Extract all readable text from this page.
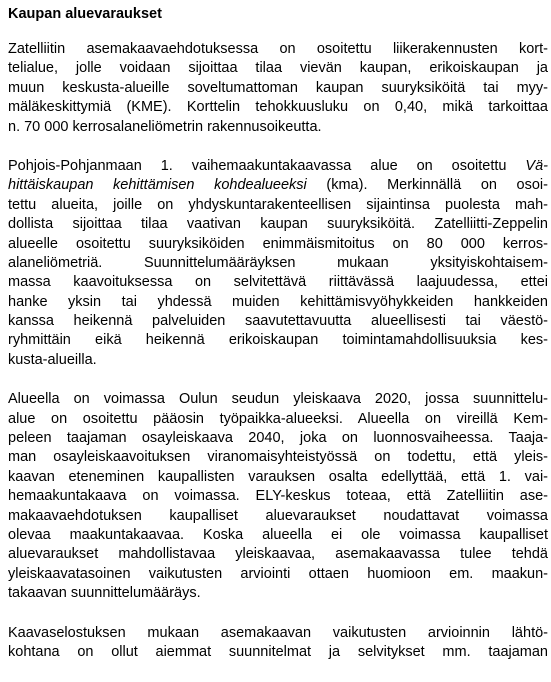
Kaupan aluevaraukset
Zatelliitin asemakaavaehdotuksessa on osoitettu liikerakennusten kort-
telialue, jolle voidaan sijoittaa tilaa vievän kaupan, erikoiskaupan ja
muun keskusta-alueille soveltumattoman kaupan suuryksiköitä tai myy-
mäläkeskittymiä (KME). Korttelin tehokkuusluku on 0,40, mikä tarkoittaa
n. 70 000 kerrosalaneliömetrin rakennusoikeutta.
Pohjois-Pohjanmaan 1. vaihemaakuntakaavassa alue on osoitettu Vä-
hittäiskaupan kehittämisen kohdealueeksi (kma). Merkinnällä on osoi-
tettu alueita, joille on yhdyskuntarakenteellisen sijaintinsa puolesta mah-
dollista sijoittaa tilaa vaativan kaupan suuryksiköitä. Zatelliitti-Zeppelin
alueelle osoitettu suuryksiköiden enimmäismitoitus on 80 000 kerros-
alaneliömetriä. Suunnittelumääräyksen mukaan yksityiskohtaisem-
massa kaavoituksessa on selvitettävä riittävässä laajuudessa, ettei
hanke yksin tai yhdessä muiden kehittämisvyöhykkeiden hankkeiden
kanssa heikennä palveluiden saavutettavuutta alueellisesti tai väestö-
ryhmittäin eikä heikennä erikoiskaupan toimintamahdollisuuksia kes-
kusta-alueilla.
Alueella on voimassa Oulun seudun yleiskaava 2020, jossa suunnittelu-
alue on osoitettu pääosin työpaikka-alueeksi. Alueella on vireillä Kem-
peleen taajaman osayleiskaava 2040, joka on luonnosvaiheessa. Taaja-
man osayleiskaavoituksen viranomaisyhteistyössä on todettu, että yleis-
kaavan eteneminen kaupallisten varauksen osalta edellyttää, että 1. vai-
hemaakuntakaava on voimassa. ELY-keskus toteaa, että Zatelliitin ase-
makaavaehdotuksen kaupalliset aluevaraukset noudattavat voimassa
olevaa maakuntakaavaa. Koska alueella ei ole voimassa kaupalliset
aluevaraukset mahdollistavaa yleiskaavaa, asemakaavassa tulee tehdä
yleiskaavatasoinen vaikutusten arviointi ottaen huomioon em. maakun-
takaavan suunnittelumääräys.
Kaavaselostuksen mukaan asemakaavan vaikutusten arvioinnin lähtö-
kohtana on ollut aiemmat suunnitelmat ja selvitykset mm. taajaman
